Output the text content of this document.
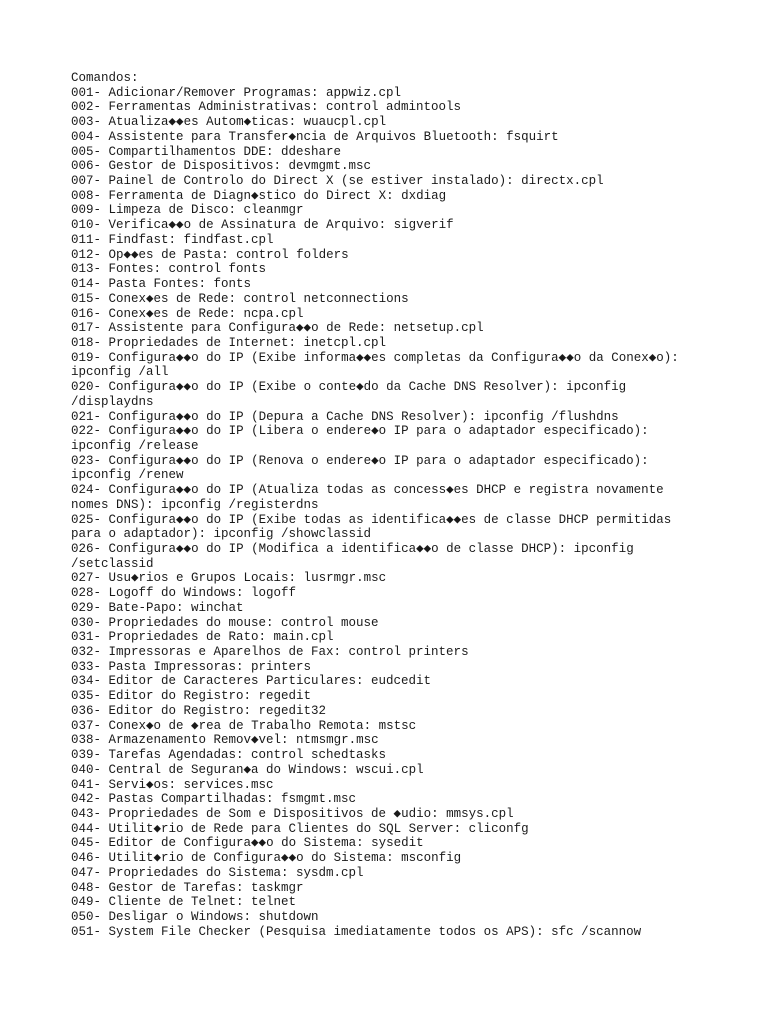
Comandos:
001- Adicionar/Remover Programas: appwiz.cpl
002- Ferramentas Administrativas: control admintools
003- Atualiza◆◆es Autom◆ticas: wuaucpl.cpl
004- Assistente para Transfer◆ncia de Arquivos Bluetooth: fsquirt
005- Compartilhamentos DDE: ddeshare
006- Gestor de Dispositivos: devmgmt.msc
007- Painel de Controlo do Direct X (se estiver instalado): directx.cpl
008- Ferramenta de Diagn◆stico do Direct X: dxdiag
009- Limpeza de Disco: cleanmgr
010- Verifica◆◆o de Assinatura de Arquivo: sigverif
011- Findfast: findfast.cpl
012- Op◆◆es de Pasta: control folders
013- Fontes: control fonts
014- Pasta Fontes: fonts
015- Conex◆es de Rede: control netconnections
016- Conex◆es de Rede: ncpa.cpl
017- Assistente para Configura◆◆o de Rede: netsetup.cpl
018- Propriedades de Internet: inetcpl.cpl
019- Configura◆◆o do IP (Exibe informa◆◆es completas da Configura◆◆o da Conex◆o):
ipconfig /all
020- Configura◆◆o do IP (Exibe o conte◆do da Cache DNS Resolver): ipconfig
/displaydns
021- Configura◆◆o do IP (Depura a Cache DNS Resolver): ipconfig /flushdns
022- Configura◆◆o do IP (Libera o endere◆o IP para o adaptador especificado):
ipconfig /release
023- Configura◆◆o do IP (Renova o endere◆o IP para o adaptador especificado):
ipconfig /renew
024- Configura◆◆o do IP (Atualiza todas as concess◆es DHCP e registra novamente
nomes DNS): ipconfig /registerdns
025- Configura◆◆o do IP (Exibe todas as identifica◆◆es de classe DHCP permitidas
para o adaptador): ipconfig /showclassid
026- Configura◆◆o do IP (Modifica a identifica◆◆o de classe DHCP): ipconfig
/setclassid
027- Usu◆rios e Grupos Locais: lusrmgr.msc
028- Logoff do Windows: logoff
029- Bate-Papo: winchat
030- Propriedades do mouse: control mouse
031- Propriedades de Rato: main.cpl
032- Impressoras e Aparelhos de Fax: control printers
033- Pasta Impressoras: printers
034- Editor de Caracteres Particulares: eudcedit
035- Editor do Registro: regedit
036- Editor do Registro: regedit32
037- Conex◆o de ◆rea de Trabalho Remota: mstsc
038- Armazenamento Remov◆vel: ntmsmgr.msc
039- Tarefas Agendadas: control schedtasks
040- Central de Seguran◆a do Windows: wscui.cpl
041- Servi◆os: services.msc
042- Pastas Compartilhadas: fsmgmt.msc
043- Propriedades de Som e Dispositivos de ◆udio: mmsys.cpl
044- Utilit◆rio de Rede para Clientes do SQL Server: cliconfg
045- Editor de Configura◆◆o do Sistema: sysedit
046- Utilit◆rio de Configura◆◆o do Sistema: msconfig
047- Propriedades do Sistema: sysdm.cpl
048- Gestor de Tarefas: taskmgr
049- Cliente de Telnet: telnet
050- Desligar o Windows: shutdown
051- System File Checker (Pesquisa imediatamente todos os APS): sfc /scannow
